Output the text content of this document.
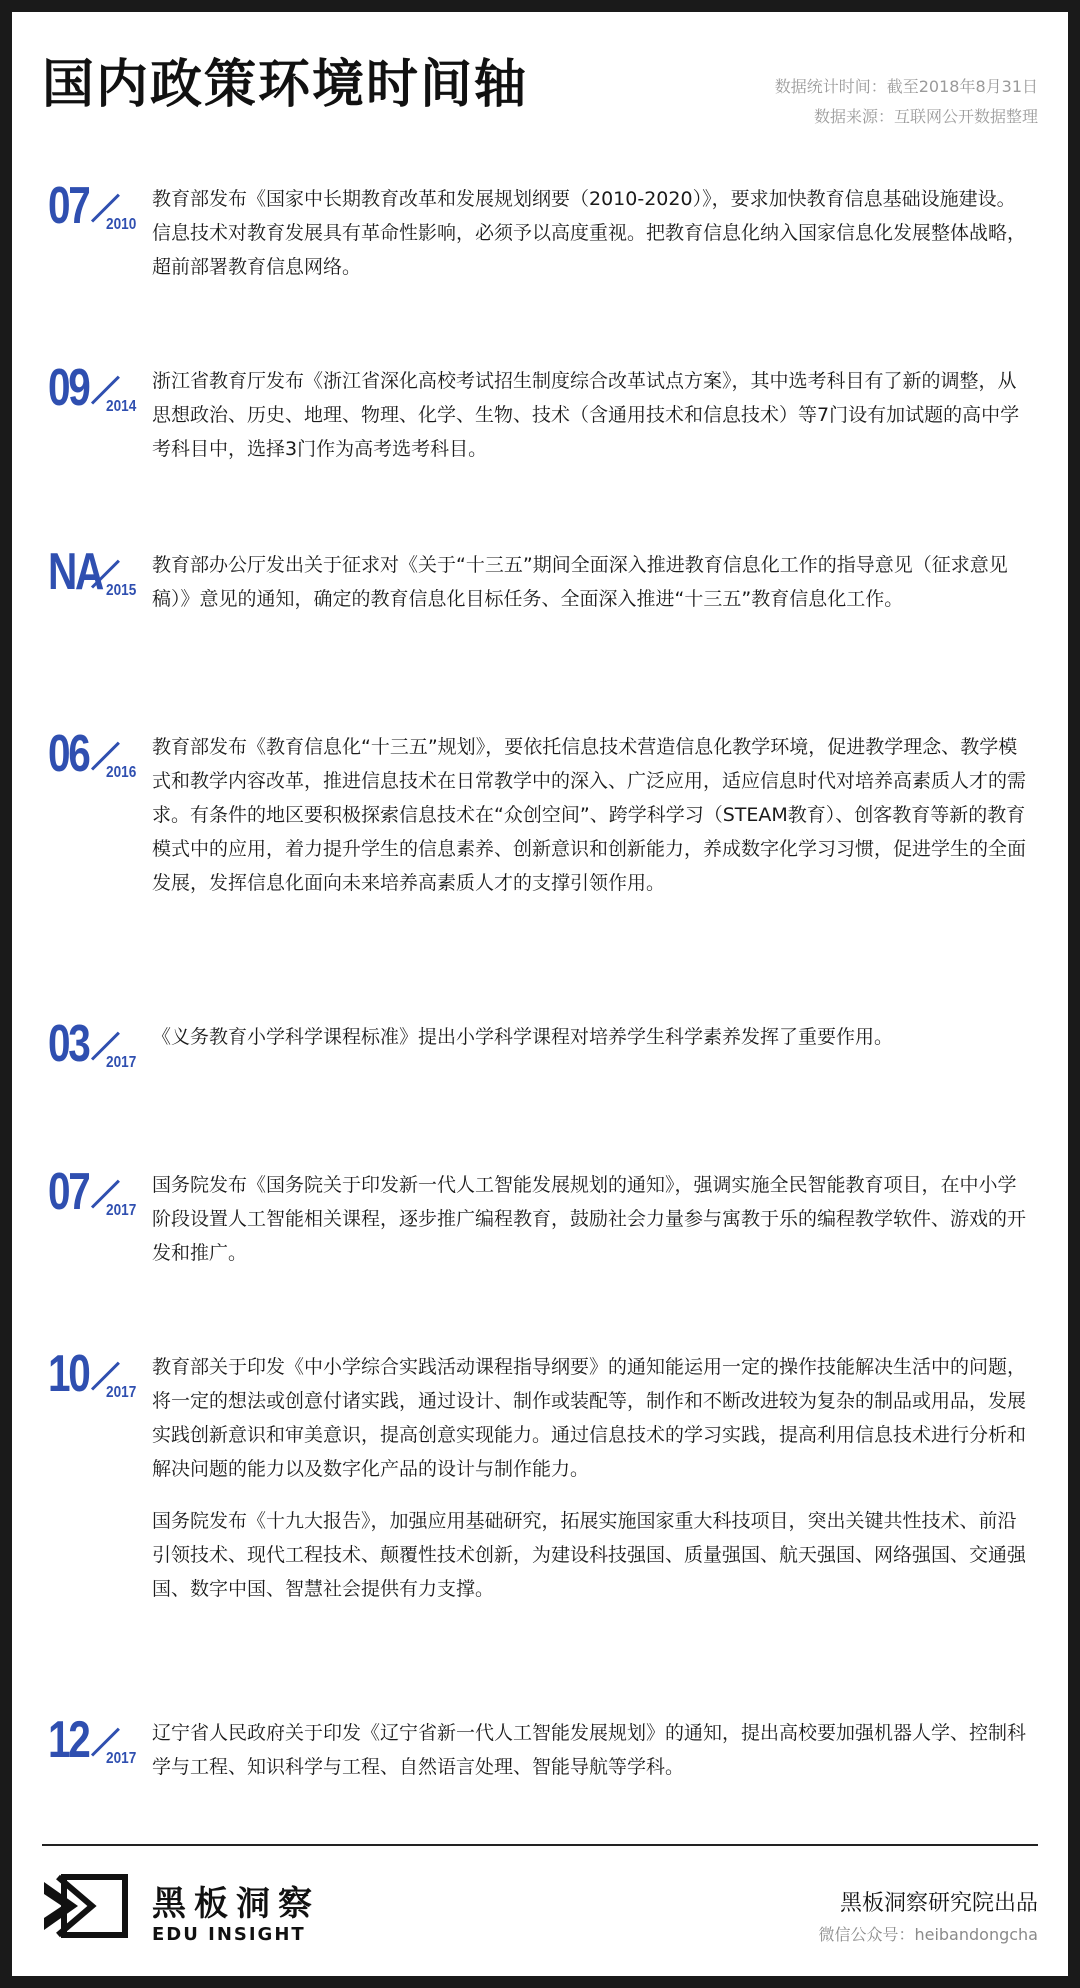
国内政策环境时间轴	数据统计时间：截至2018年8月31日
数据来源：互联网公开数据整理
07 2010

教育部发布《国家中长期教育改革和发展规划纲要（2010-2020）》，要求加快教育信息基础设施建设。信息技术对教育发展具有革命性影响，必须予以高度重视。把教育信息化纳入国家信息化发展整体战略，超前部署教育信息网络。

09 2014

浙江省教育厅发布《浙江省深化高校考试招生制度综合改革试点方案》，其中选考科目有了新的调整，从思想政治、历史、地理、物理、化学、生物、技术（含通用技术和信息技术）等7门设有加试题的高中学考科目中，选择3门作为高考选考科目。

NA 2015

教育部办公厅发出关于征求对《关于“十三五”期间全面深入推进教育信息化工作的指导意见（征求意见稿）》意见的通知，确定的教育信息化目标任务、全面深入推进“十三五”教育信息化工作。

06 2016

教育部发布《教育信息化“十三五”规划》，要依托信息技术营造信息化教学环境，促进教学理念、教学模式和教学内容改革，推进信息技术在日常教学中的深入、广泛应用，适应信息时代对培养高素质人才的需求。有条件的地区要积极探索信息技术在“众创空间”、跨学科学习（STEAM教育）、创客教育等新的教育模式中的应用，着力提升学生的信息素养、创新意识和创新能力，养成数字化学习习惯，促进学生的全面发展，发挥信息化面向未来培养高素质人才的支撑引领作用。

03 2017

《义务教育小学科学课程标准》提出小学科学课程对培养学生科学素养发挥了重要作用。

07 2017

国务院发布《国务院关于印发新一代人工智能发展规划的通知》，强调实施全民智能教育项目，在中小学阶段设置人工智能相关课程，逐步推广编程教育，鼓励社会力量参与寓教于乐的编程教学软件、游戏的开发和推广。

10 2017

教育部关于印发《中小学综合实践活动课程指导纲要》的通知能运用一定的操作技能解决生活中的问题，将一定的想法或创意付诸实践，通过设计、制作或装配等，制作和不断改进较为复杂的制品或用品，发展实践创新意识和审美意识，提高创意实现能力。通过信息技术的学习实践，提高利用信息技术进行分析和解决问题的能力以及数字化产品的设计与制作能力。

国务院发布《十九大报告》，加强应用基础研究，拓展实施国家重大科技项目，突出关键共性技术、前沿引领技术、现代工程技术、颠覆性技术创新，为建设科技强国、质量强国、航天强国、网络强国、交通强国、数字中国、智慧社会提供有力支撑。

12 2017

辽宁省人民政府关于印发《辽宁省新一代人工智能发展规划》的通知，提出高校要加强机器人学、控制科学与工程、知识科学与工程、自然语言处理、智能导航等学科。

黑板洞察
EDU INSIGHT
黑板洞察研究院出品
微信公众号：heibandongcha
